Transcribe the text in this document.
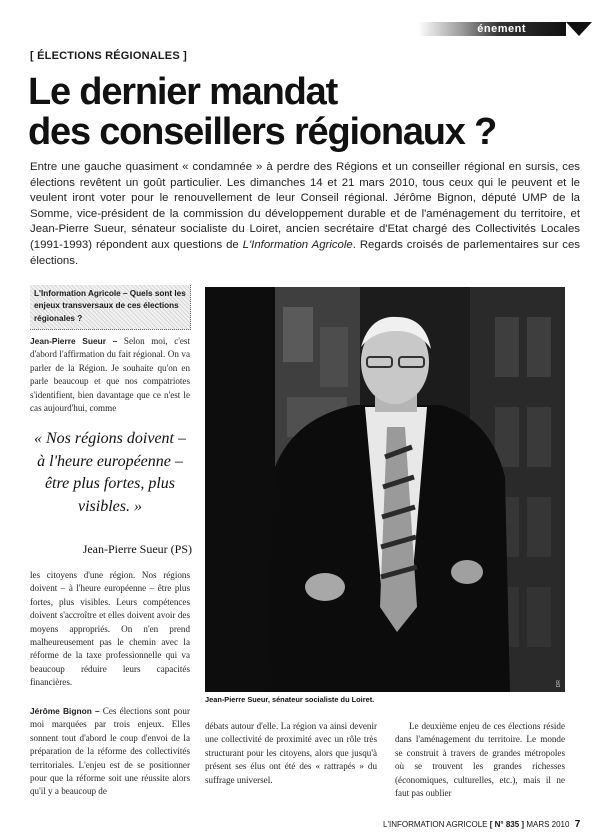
énement
[ ÉLECTIONS RÉGIONALES ]
Le dernier mandat
des conseillers régionaux ?

Entre une gauche quasiment « condamnée » à perdre des Régions et un conseiller régional en sursis, ces élections revêtent un goût particulier. Les dimanches 14 et 21 mars 2010, tous ceux qui le peuvent et le veulent iront voter pour le renouvellement de leur Conseil régional. Jérôme Bignon, député UMP de la Somme, vice-président de la commission du développement durable et de l'aménagement du territoire, et Jean-Pierre Sueur, sénateur socialiste du Loiret, ancien secrétaire d'Etat chargé des Collectivités Locales (1991-1993) répondent aux questions de L'Information Agricole. Regards croisés de parlementaires sur ces élections.

L'Information Agricole – Quels sont les enjeux transversaux de ces élections régionales ?

Jean-Pierre Sueur – Selon moi, c'est d'abord l'affirmation du fait régional. On va parler de la Région. Je souhaite qu'on en parle beaucoup et que nos compatriotes s'identifient, bien davantage que ce n'est le cas aujourd'hui, comme

« Nos régions doivent – à l'heure européenne – être plus fortes, plus visibles. »

Jean-Pierre Sueur (PS)

les citoyens d'une région. Nos régions doivent – à l'heure européenne – être plus fortes, plus visibles. Leurs compétences doivent s'accroître et elles doivent avoir des moyens appropriés. On n'en prend malheureusement pas le chemin avec la réforme de la taxe professionnelle qui va beaucoup réduire leurs capacités financières.

Jérôme Bignon – Ces élections sont pour moi marquées par trois enjeux. Elles sonnent tout d'abord le coup d'envoi de la préparation de la réforme des collectivités territoriales. L'enjeu est de se positionner pour que la réforme soit une réussite alors qu'il y a beaucoup de

débats autour d'elle. La région va ainsi devenir une collectivité de proximité avec un rôle très structurant pour les citoyens, alors que jusqu'à présent ses élus ont été des « rattrapés » du suffrage universel.

Le deuxième enjeu de ces élections réside dans l'aménagement du territoire. Le monde se construit à travers de grandes métropoles où se trouvent les grandes richesses (économiques, culturelles, etc.), mais il ne faut pas oublier

Jean-Pierre Sueur, sénateur socialiste du Loiret.
DR
L'INFORMATION AGRICOLE [ N° 835 ] MARS 2010 7
